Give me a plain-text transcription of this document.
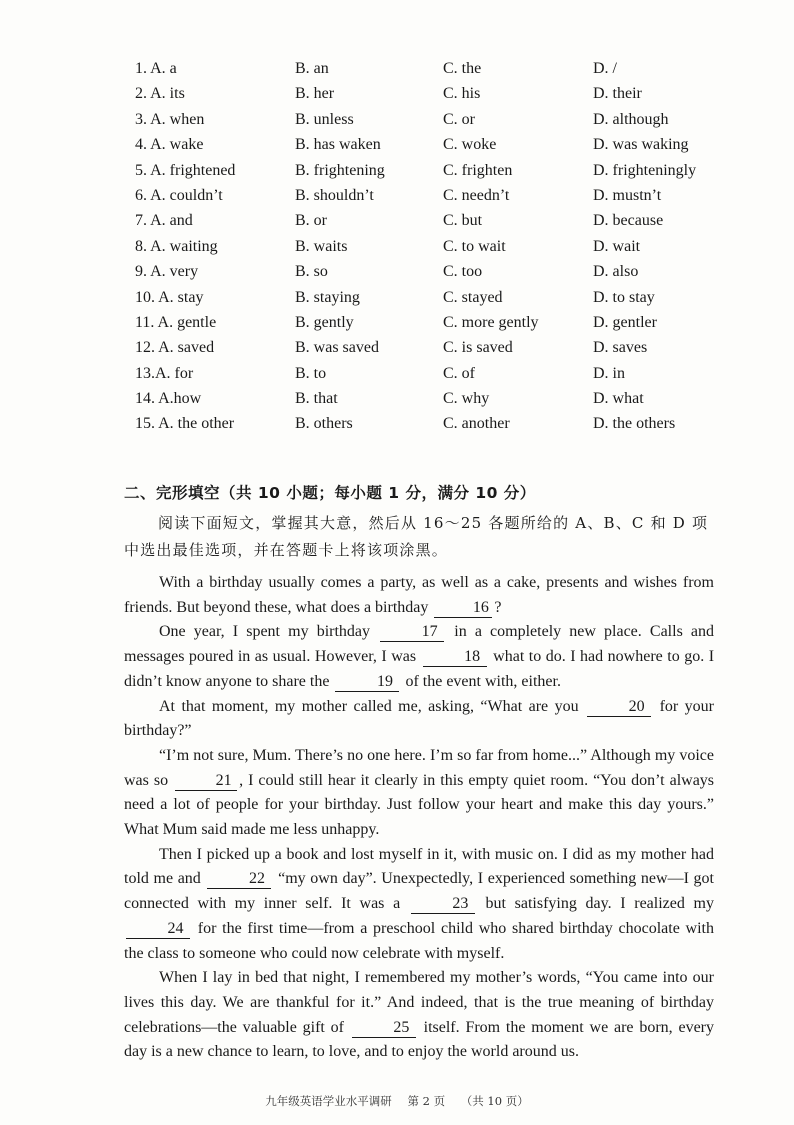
1. A. a	B. an	C. the	D. /
2. A. its	B. her	C. his	D. their
3. A. when	B. unless	C. or	D. although
4. A. wake	B. has waken	C. woke	D. was waking
5. A. frightened	B. frightening	C. frighten	D. frighteningly
6. A. couldn’t	B. shouldn’t	C. needn’t	D. mustn’t
7. A. and	B. or	C. but	D. because
8. A. waiting	B. waits	C. to wait	D. wait
9. A. very	B. so	C. too	D. also
10. A. stay	B. staying	C. stayed	D. to stay
11. A. gentle	B. gently	C. more gently	D. gentler
12. A. saved	B. was saved	C. is saved	D. saves
13.A. for	B. to	C. of	D. in
14. A.how	B. that	C. why	D. what
15. A. the other	B. others	C. another	D. the others
二、完形填空（共 10 小题；每小题 1 分，满分 10 分）
阅读下面短文，掌握其大意，然后从 16～25 各题所给的 A、B、C 和 D 项中选出最佳选项，并在答题卡上将该项涂黑。

With a birthday usually comes a party, as well as a cake, presents and wishes from friends. But beyond these, what does a birthday	16 ?

One year, I spent my birthday	17 in a completely new place. Calls and messages poured in as usual. However, I was	18 what to do. I had nowhere to go. I didn’t know anyone to share the	19 of the event with, either.

At that moment, my mother called me, asking, “What are you	20 for your birthday?”

“I’m not sure, Mum. There’s no one here. I’m so far from home...” Although my voice was so	21 , I could still hear it clearly in this empty quiet room. “You don’t always need a lot of people for your birthday. Just follow your heart and make this day yours.” What Mum said made me less unhappy.

Then I picked up a book and lost myself in it, with music on. I did as my mother had told me and	22 “my own day”. Unexpectedly, I experienced something new—I got connected with my inner self. It was a	23 but satisfying day. I realized my 24 for the first time—from a preschool child who shared birthday chocolate with the class to someone who could now celebrate with myself.

When I lay in bed that night, I remembered my mother’s words, “You came into our lives this day. We are thankful for it.” And indeed, that is the true meaning of birthday celebrations—the valuable gift of	25 itself. From the moment we are born, every day is a new chance to learn, to love, and to enjoy the world around us.

九年级英语学业水平调研 第 2 页 （共 10 页）
